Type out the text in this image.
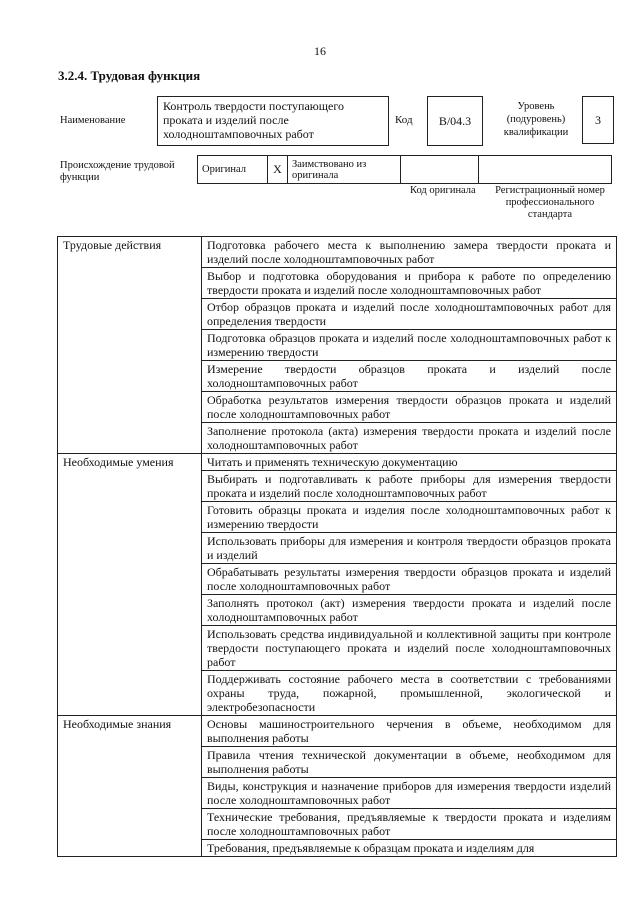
16
3.2.4. Трудовая функция
Наименование
Контроль твердости поступающего проката и изделий после холодноштамповочных работ
Код	B/04.3
Уровень (подуровень) квалификации
3
Происхождение трудовой функции
Оригинал	X	Заимствовано из оригинала		
Код оригинала	Регистрационный номер профессионального стандарта
Трудовые действия	Подготовка рабочего места к выполнению замера твердости проката и изделий после холодноштамповочных работ
	Выбор и подготовка оборудования и прибора к работе по определению твердости проката и изделий после холодноштамповочных работ
	Отбор образцов проката и изделий после холодноштамповочных работ для определения твердости
	Подготовка образцов проката и изделий после холодноштамповочных работ к измерению твердости
	Измерение твердости образцов проката и изделий после холодноштамповочных работ
	Обработка результатов измерения твердости образцов проката и изделий после холодноштамповочных работ
	Заполнение протокола (акта) измерения твердости проката и изделий после холодноштамповочных работ
Необходимые умения	Читать и применять техническую документацию
	Выбирать и подготавливать к работе приборы для измерения твердости проката и изделий после холодноштамповочных работ
	Готовить образцы проката и изделия после холодноштамповочных работ к измерению твердости
	Использовать приборы для измерения и контроля твердости образцов проката и изделий
	Обрабатывать результаты измерения твердости образцов проката и изделий после холодноштамповочных работ
	Заполнять протокол (акт) измерения твердости проката и изделий после холодноштамповочных работ
	Использовать средства индивидуальной и коллективной защиты при контроле твердости поступающего проката и изделий после холодноштамповочных работ
	Поддерживать состояние рабочего места в соответствии с требованиями охраны труда, пожарной, промышленной, экологической и электробезопасности
Необходимые знания	Основы машиностроительного черчения в объеме, необходимом для выполнения работы
	Правила чтения технической документации в объеме, необходимом для выполнения работы
	Виды, конструкция и назначение приборов для измерения твердости изделий после холодноштамповочных работ
	Технические требования, предъявляемые к твердости проката и изделиям после холодноштамповочных работ
	Требования, предъявляемые к образцам проката и изделиям для
